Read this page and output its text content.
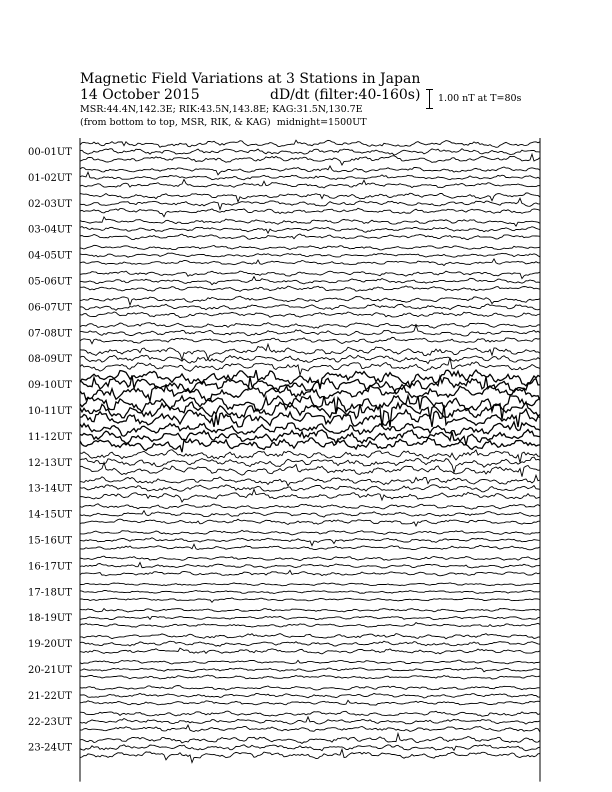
Magnetic Field Variations at 3 Stations in Japan
14 October 2015	dD/dt (filter:40-160s)
MSR:44.4N,142.3E; RIK:43.5N,143.8E; KAG:31.5N,130.7E
(from bottom to top, MSR, RIK, & KAG) midnight=1500UT
1.00 nT at T=80s
00-01UT
01-02UT
02-03UT
03-04UT
04-05UT
05-06UT
06-07UT
07-08UT
08-09UT
09-10UT
10-11UT
11-12UT
12-13UT
13-14UT
14-15UT
15-16UT
16-17UT
17-18UT
18-19UT
19-20UT
20-21UT
21-22UT
22-23UT
23-24UT
